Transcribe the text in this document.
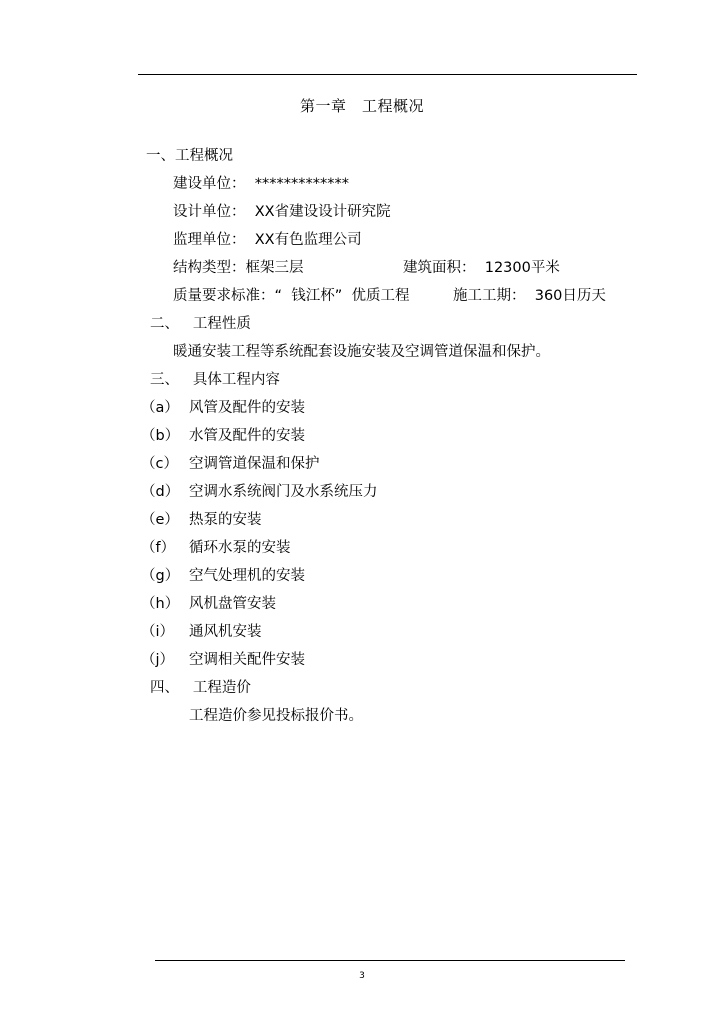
第一章　工程概况
一、工程概况
建设单位：  *************
设计单位：  XX省建设设计研究院
监理单位：  XX有色监理公司
结构类型：框架三层	建筑面积：  12300平米
质量要求标准：“  钱江杯”  优质工程	施工工期：  360日历天
二、   工程性质
暖通安装工程等系统配套设施安装及空调管道保温和保护。
三、   具体工程内容
（a） 风管及配件的安装
（b） 水管及配件的安装
（c） 空调管道保温和保护
（d） 空调水系统阀门及水系统压力
（e） 热泵的安装
（f） 循环水泵的安装
（g） 空气处理机的安装
（h） 风机盘管安装
（i） 通风机安装
（j） 空调相关配件安装
四、   工程造价
工程造价参见投标报价书。
3
